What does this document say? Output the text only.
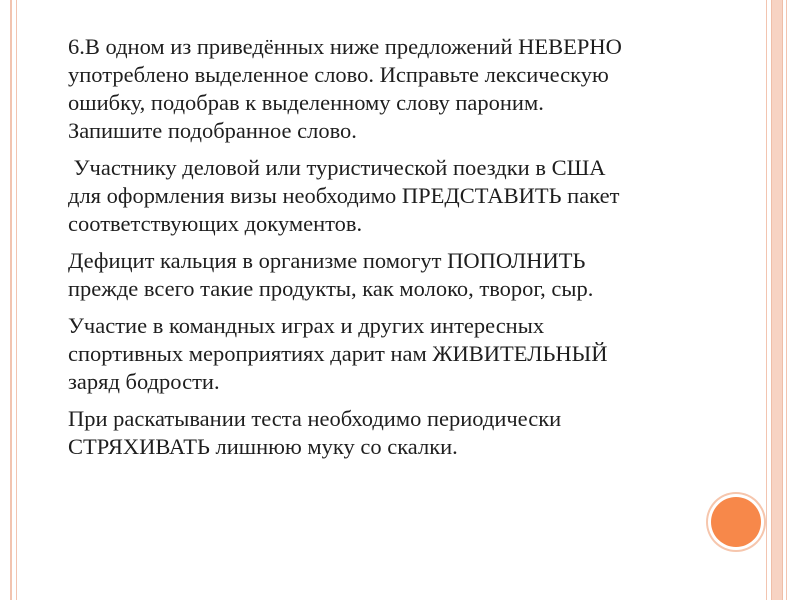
6.В одном из приведённых ниже предложений НЕВЕРНО
употреблено выделенное слово. Исправьте лексическую
ошибку, подобрав к выделенному слову пароним.
Запишите подобранное слово.
Участнику деловой или туристической поездки в США
для оформления визы необходимо ПРЕДСТАВИТЬ пакет
соответствующих документов.
Дефицит кальция в организме помогут ПОПОЛНИТЬ
прежде всего такие продукты, как молоко, творог, сыр.
Участие в командных играх и других интересных
спортивных мероприятиях дарит нам ЖИВИТЕЛЬНЫЙ
заряд бодрости.
При раскатывании теста необходимо периодически
СТРЯХИВАТЬ лишнюю муку со скалки.
